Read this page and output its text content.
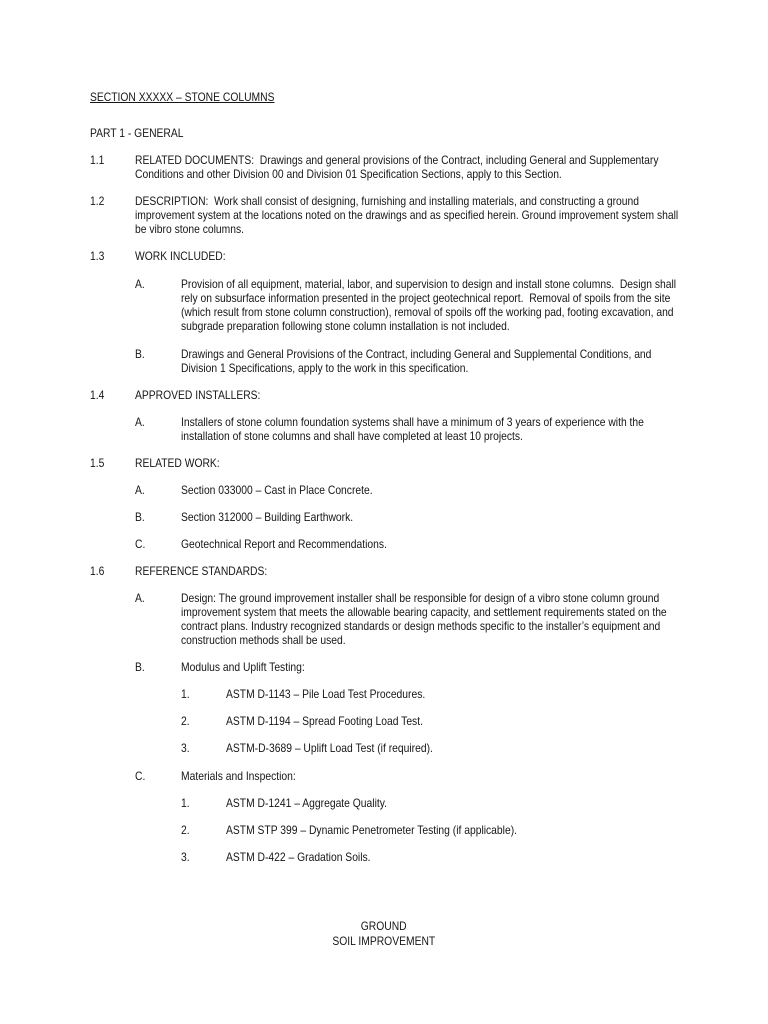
SECTION XXXXX – STONE COLUMNS
PART 1 - GENERAL
1.1	RELATED DOCUMENTS:  Drawings and general provisions of the Contract, including General and Supplementary
Conditions and other Division 00 and Division 01 Specification Sections, apply to this Section.
1.2	DESCRIPTION:  Work shall consist of designing, furnishing and installing materials, and constructing a ground
improvement system at the locations noted on the drawings and as specified herein. Ground improvement system shall
be vibro stone columns.
1.3	WORK INCLUDED:
A.	Provision of all equipment, material, labor, and supervision to design and install stone columns.  Design shall
rely on subsurface information presented in the project geotechnical report.  Removal of spoils from the site
(which result from stone column construction), removal of spoils off the working pad, footing excavation, and
subgrade preparation following stone column installation is not included.
B.	Drawings and General Provisions of the Contract, including General and Supplemental Conditions, and
Division 1 Specifications, apply to the work in this specification.
1.4	APPROVED INSTALLERS:
A.	Installers of stone column foundation systems shall have a minimum of 3 years of experience with the
installation of stone columns and shall have completed at least 10 projects.
1.5	RELATED WORK:
A.	Section 033000 – Cast in Place Concrete.
B.	Section 312000 – Building Earthwork.
C.	Geotechnical Report and Recommendations.
1.6	REFERENCE STANDARDS:
A.	Design: The ground improvement installer shall be responsible for design of a vibro stone column ground
improvement system that meets the allowable bearing capacity, and settlement requirements stated on the
contract plans. Industry recognized standards or design methods specific to the installer’s equipment and
construction methods shall be used.
B.	Modulus and Uplift Testing:
1.	ASTM D-1143 – Pile Load Test Procedures.
2.	ASTM D-1194 – Spread Footing Load Test.
3.	ASTM-D-3689 – Uplift Load Test (if required).
C.	Materials and Inspection:
1.	ASTM D-1241 – Aggregate Quality.
2.	ASTM STP 399 – Dynamic Penetrometer Testing (if applicable).
3.	ASTM D-422 – Gradation Soils.
GROUND
SOIL IMPROVEMENT
